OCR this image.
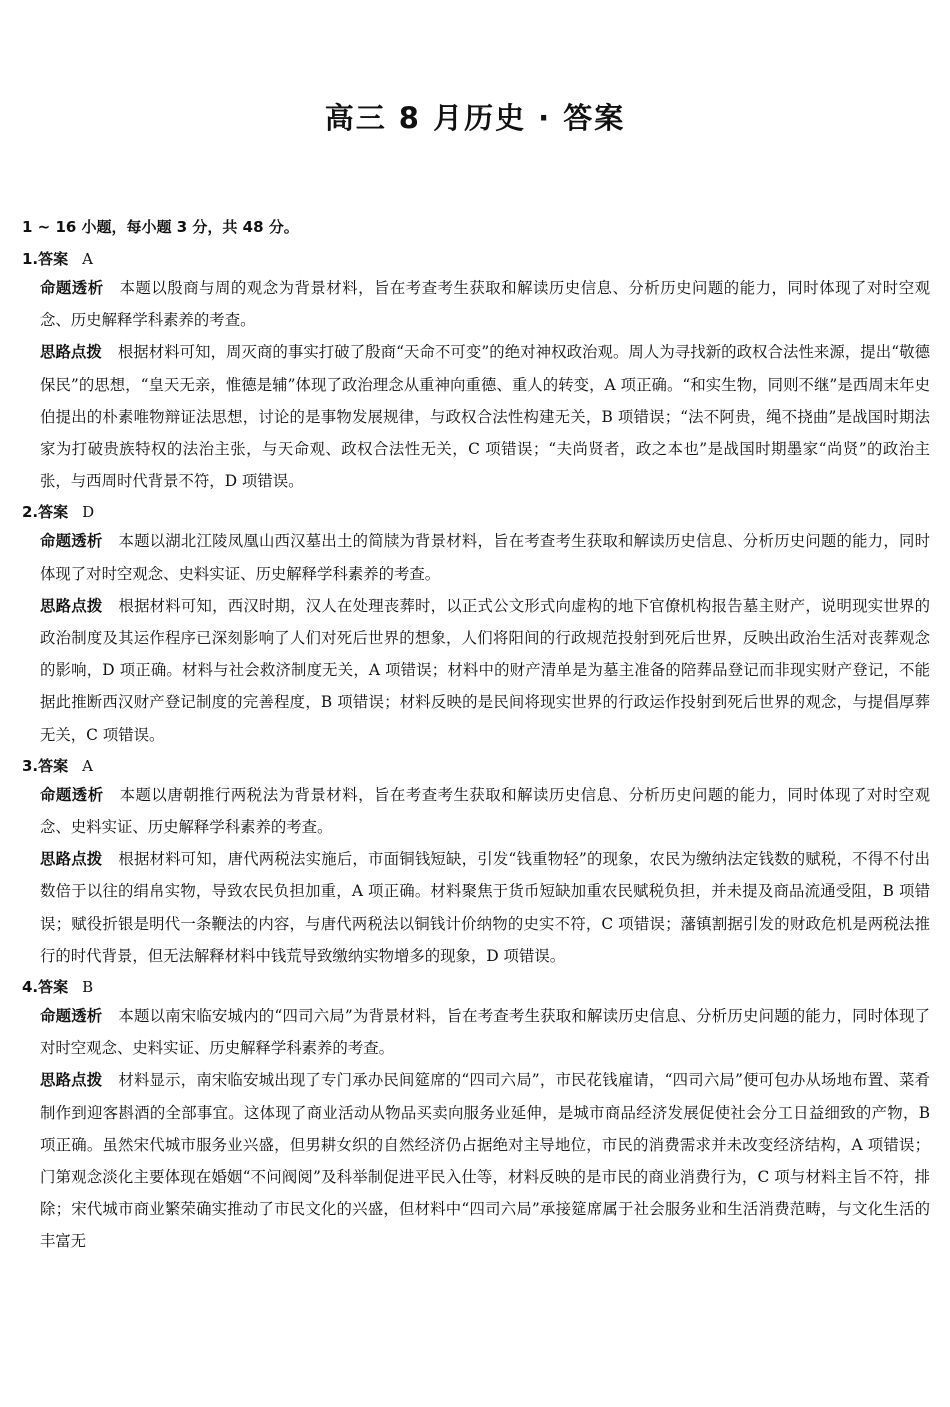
高三 8 月历史 · 答案
1 ~ 16 小题，每小题 3 分，共 48 分。
1.答案 A
命题透析 本题以殷商与周的观念为背景材料，旨在考查考生获取和解读历史信息、分析历史问题的能力，同时体现了对时空观念、历史解释学科素养的考查。
思路点拨 根据材料可知，周灭商的事实打破了殷商“天命不可变”的绝对神权政治观。周人为寻找新的政权合法性来源，提出“敬德保民”的思想，“皇天无亲，惟德是辅”体现了政治理念从重神向重德、重人的转变，A 项正确。“和实生物，同则不继”是西周末年史伯提出的朴素唯物辩证法思想，讨论的是事物发展规律，与政权合法性构建无关，B 项错误；“法不阿贵，绳不挠曲”是战国时期法家为打破贵族特权的法治主张，与天命观、政权合法性无关，C 项错误；“夫尚贤者，政之本也”是战国时期墨家“尚贤”的政治主张，与西周时代背景不符，D 项错误。
2.答案 D
命题透析 本题以湖北江陵凤凰山西汉墓出土的简牍为背景材料，旨在考查考生获取和解读历史信息、分析历史问题的能力，同时体现了对时空观念、史料实证、历史解释学科素养的考查。
思路点拨 根据材料可知，西汉时期，汉人在处理丧葬时，以正式公文形式向虚构的地下官僚机构报告墓主财产，说明现实世界的政治制度及其运作程序已深刻影响了人们对死后世界的想象，人们将阳间的行政规范投射到死后世界，反映出政治生活对丧葬观念的影响，D 项正确。材料与社会救济制度无关，A 项错误；材料中的财产清单是为墓主准备的陪葬品登记而非现实财产登记，不能据此推断西汉财产登记制度的完善程度，B 项错误；材料反映的是民间将现实世界的行政运作投射到死后世界的观念，与提倡厚葬无关，C 项错误。
3.答案 A
命题透析 本题以唐朝推行两税法为背景材料，旨在考查考生获取和解读历史信息、分析历史问题的能力，同时体现了对时空观念、史料实证、历史解释学科素养的考查。
思路点拨 根据材料可知，唐代两税法实施后，市面铜钱短缺，引发“钱重物轻”的现象，农民为缴纳法定钱数的赋税，不得不付出数倍于以往的绢帛实物，导致农民负担加重，A 项正确。材料聚焦于货币短缺加重农民赋税负担，并未提及商品流通受阻，B 项错误；赋役折银是明代一条鞭法的内容，与唐代两税法以铜钱计价纳物的史实不符，C 项错误；藩镇割据引发的财政危机是两税法推行的时代背景，但无法解释材料中钱荒导致缴纳实物增多的现象，D 项错误。
4.答案 B
命题透析 本题以南宋临安城内的“四司六局”为背景材料，旨在考查考生获取和解读历史信息、分析历史问题的能力，同时体现了对时空观念、史料实证、历史解释学科素养的考查。
思路点拨 材料显示，南宋临安城出现了专门承办民间筵席的“四司六局”，市民花钱雇请，“四司六局”便可包办从场地布置、菜肴制作到迎客斟酒的全部事宜。这体现了商业活动从物品买卖向服务业延伸，是城市商品经济发展促使社会分工日益细致的产物，B 项正确。虽然宋代城市服务业兴盛，但男耕女织的自然经济仍占据绝对主导地位，市民的消费需求并未改变经济结构，A 项错误；门第观念淡化主要体现在婚姻“不问阀阅”及科举制促进平民入仕等，材料反映的是市民的商业消费行为，C 项与材料主旨不符，排除；宋代城市商业繁荣确实推动了市民文化的兴盛，但材料中“四司六局”承接筵席属于社会服务业和生活消费范畴，与文化生活的丰富无
